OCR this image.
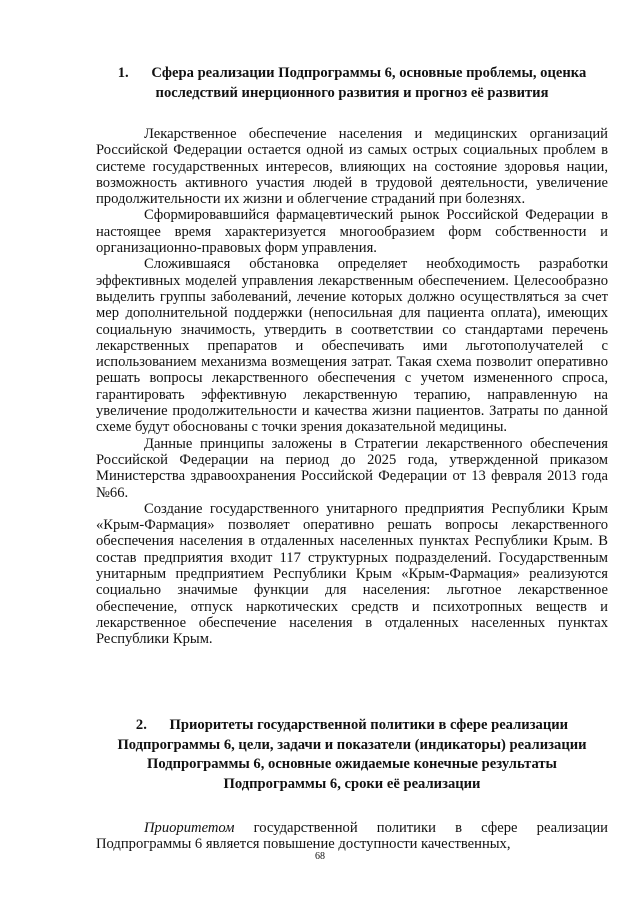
1. Сфера реализации Подпрограммы 6, основные проблемы, оценка последствий инерционного развития и прогноз её развития

Лекарственное обеспечение населения и медицинских организаций Российской Федерации остается одной из самых острых социальных проблем в системе государственных интересов, влияющих на состояние здоровья нации, возможность активного участия людей в трудовой деятельности, увеличение продолжительности их жизни и облегчение страданий при болезнях.

Сформировавшийся фармацевтический рынок Российской Федерации в настоящее время характеризуется многообразием форм собственности и организационно-правовых форм управления.

Сложившаяся обстановка определяет необходимость разработки эффективных моделей управления лекарственным обеспечением. Целесообразно выделить группы заболеваний, лечение которых должно осуществляться за счет мер дополнительной поддержки (непосильная для пациента оплата), имеющих социальную значимость, утвердить в соответствии со стандартами перечень лекарственных препаратов и обеспечивать ими льготополучателей с использованием механизма возмещения затрат. Такая схема позволит оперативно решать вопросы лекарственного обеспечения с учетом измененного спроса, гарантировать эффективную лекарственную терапию, направленную на увеличение продолжительности и качества жизни пациентов. Затраты по данной схеме будут обоснованы с точки зрения доказательной медицины.

Данные принципы заложены в Стратегии лекарственного обеспечения Российской Федерации на период до 2025 года, утвержденной приказом Министерства здравоохранения Российской Федерации от 13 февраля 2013 года №66.

Создание государственного унитарного предприятия Республики Крым «Крым-Фармация» позволяет оперативно решать вопросы лекарственного обеспечения населения в отдаленных населенных пунктах Республики Крым. В состав предприятия входит 117 структурных подразделений. Государственным унитарным предприятием Республики Крым «Крым-Фармация» реализуются социально значимые функции для населения: льготное лекарственное обеспечение, отпуск наркотических средств и психотропных веществ и лекарственное обеспечение населения в отдаленных населенных пунктах Республики Крым.

2. Приоритеты государственной политики в сфере реализации Подпрограммы 6, цели, задачи и показатели (индикаторы) реализации Подпрограммы 6, основные ожидаемые конечные результаты Подпрограммы 6, сроки её реализации

Приоритетом государственной политики в сфере реализации Подпрограммы 6 является повышение доступности качественных,

68
